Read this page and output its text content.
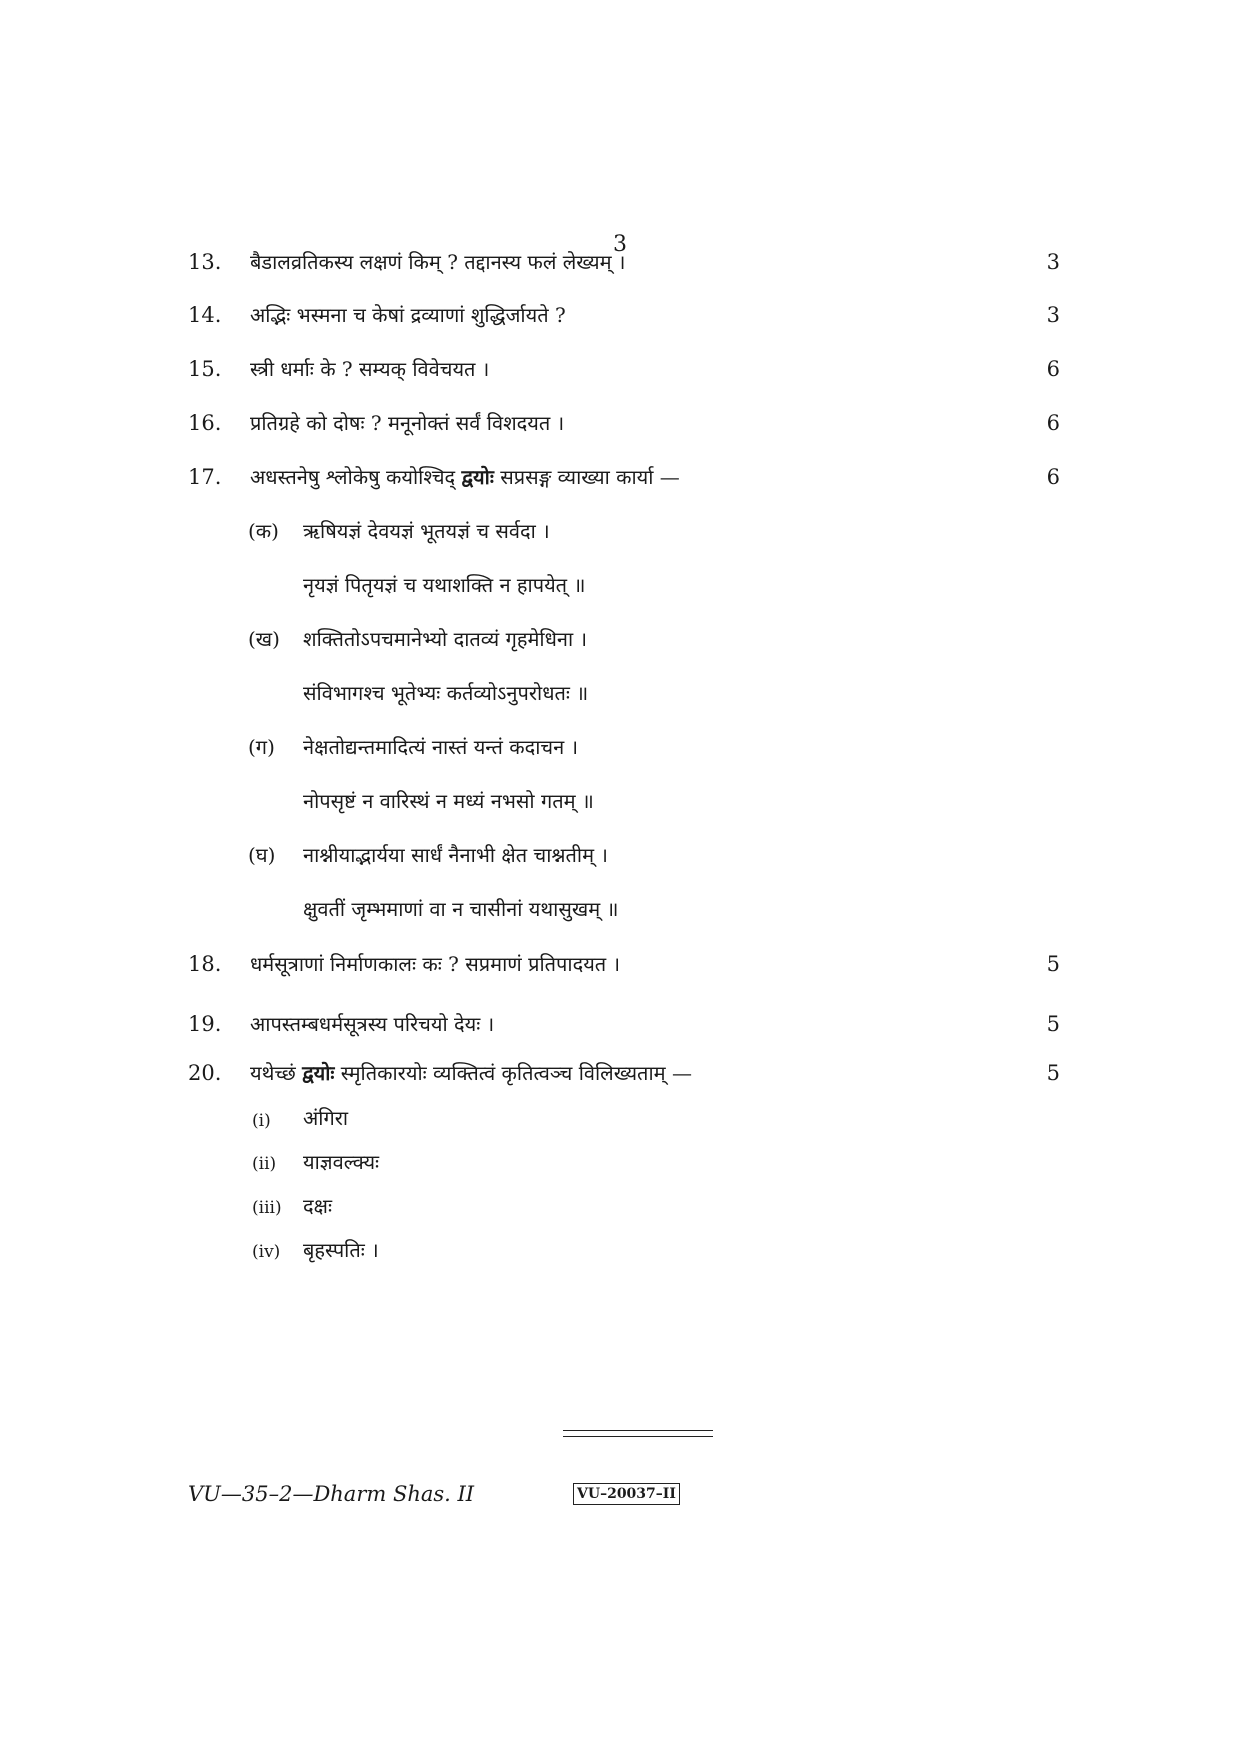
3
13.	बैडालव्रतिकस्य लक्षणं किम् ? तद्दानस्य फलं लेख्यम् ।	3
14.	अद्भिः भस्मना च केषां द्रव्याणां शुद्धिर्जायते ?	3
15.	स्त्री धर्माः के ? सम्यक् विवेचयत ।	6
16.	प्रतिग्रहे को दोषः ? मनूनोक्तं सर्वं विशदयत ।	6
17.	अधस्तनेषु श्लोकेषु कयोश्चिद् द्वयोः सप्रसङ्ग व्याख्या कार्या —	6
(क)	ऋषियज्ञं देवयज्ञं भूतयज्ञं च सर्वदा ।
नृयज्ञं पितृयज्ञं च यथाशक्ति न हापयेत् ॥
(ख)	शक्तितोऽपचमानेभ्यो दातव्यं गृहमेधिना ।
संविभागश्च भूतेभ्यः कर्तव्योऽनुपरोधतः ॥
(ग)	नेक्षतोद्यन्तमादित्यं नास्तं यन्तं कदाचन ।
नोपसृष्टं न वारिस्थं न मध्यं नभसो गतम् ॥
(घ)	नाश्नीयाद्भार्यया सार्धं नैनाभी क्षेत चाश्नतीम् ।
क्षुवतीं जृम्भमाणां वा न चासीनां यथासुखम् ॥
18.	धर्मसूत्राणां निर्माणकालः कः ? सप्रमाणं प्रतिपादयत ।	5
19.	आपस्तम्बधर्मसूत्रस्य परिचयो देयः ।	5
20.	यथेच्छं द्वयोः स्मृतिकारयोः व्यक्तित्वं कृतित्वञ्च विलिख्यताम् —	5
(i)	अंगिरा
(ii)	याज्ञवल्क्यः
(iii)	दक्षः
(iv)	बृहस्पतिः ।
VU—35–2—Dharm Shas. II	VU–20037–II
